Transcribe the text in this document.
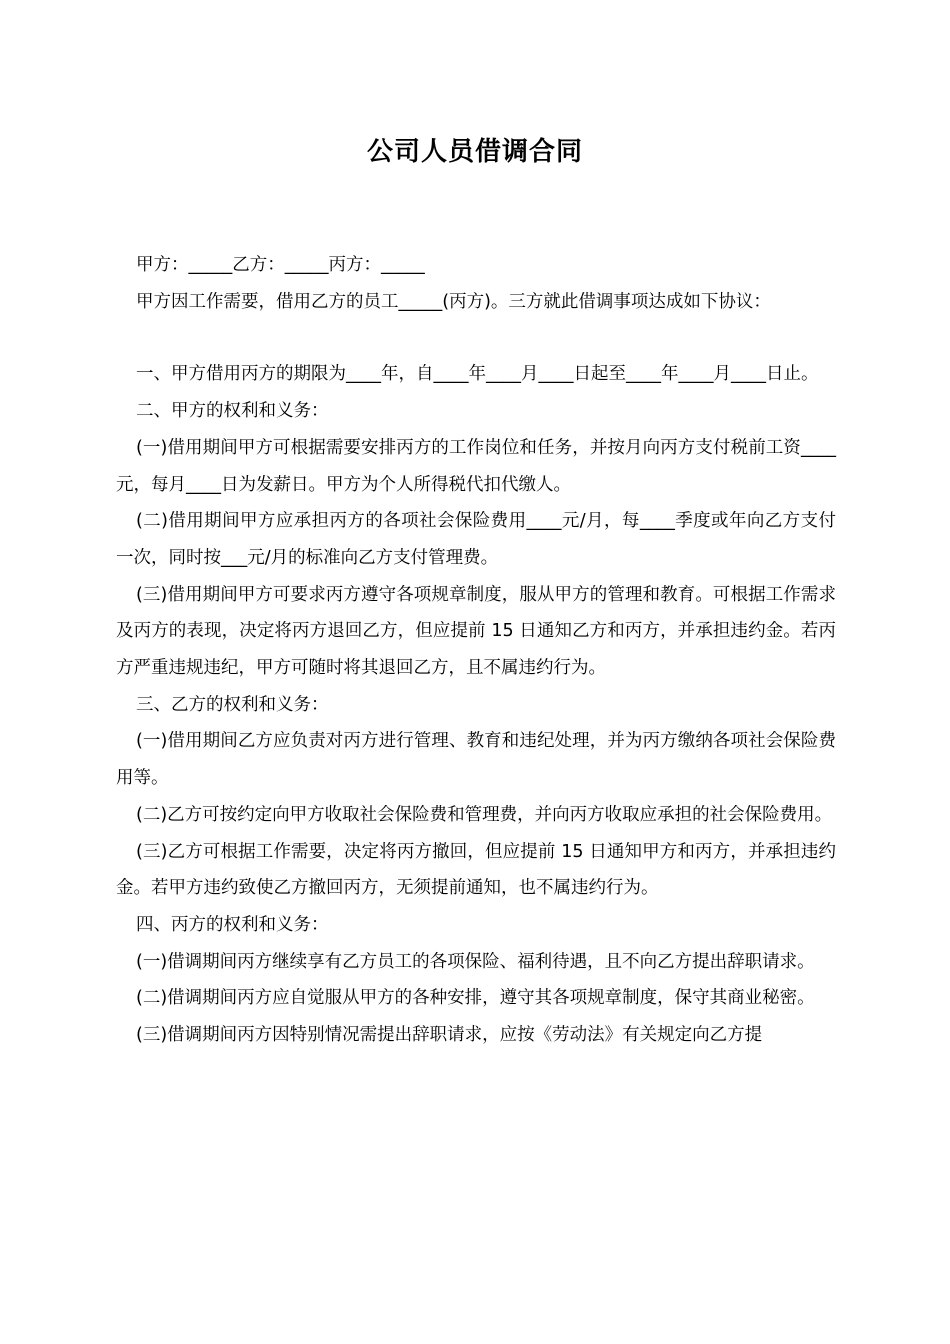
公司人员借调合同

甲方：_____乙方：_____丙方：_____

甲方因工作需要，借用乙方的员工_____(丙方)。三方就此借调事项达成如下协议：

一、甲方借用丙方的期限为____年，自____年____月____日起至____年____月____日止。

二、甲方的权利和义务：

(一)借用期间甲方可根据需要安排丙方的工作岗位和任务，并按月向丙方支付税前工资____元，每月____日为发薪日。甲方为个人所得税代扣代缴人。

(二)借用期间甲方应承担丙方的各项社会保险费用____元/月，每____季度或年向乙方支付一次，同时按___元/月的标准向乙方支付管理费。

(三)借用期间甲方可要求丙方遵守各项规章制度，服从甲方的管理和教育。可根据工作需求及丙方的表现，决定将丙方退回乙方，但应提前 15 日通知乙方和丙方，并承担违约金。若丙方严重违规违纪，甲方可随时将其退回乙方，且不属违约行为。

三、乙方的权利和义务：

(一)借用期间乙方应负责对丙方进行管理、教育和违纪处理，并为丙方缴纳各项社会保险费用等。

(二)乙方可按约定向甲方收取社会保险费和管理费，并向丙方收取应承担的社会保险费用。

(三)乙方可根据工作需要，决定将丙方撤回，但应提前 15 日通知甲方和丙方，并承担违约金。若甲方违约致使乙方撤回丙方，无须提前通知，也不属违约行为。

四、丙方的权利和义务：

(一)借调期间丙方继续享有乙方员工的各项保险、福利待遇，且不向乙方提出辞职请求。

(二)借调期间丙方应自觉服从甲方的各种安排，遵守其各项规章制度，保守其商业秘密。

(三)借调期间丙方因特别情况需提出辞职请求，应按《劳动法》有关规定向乙方提
